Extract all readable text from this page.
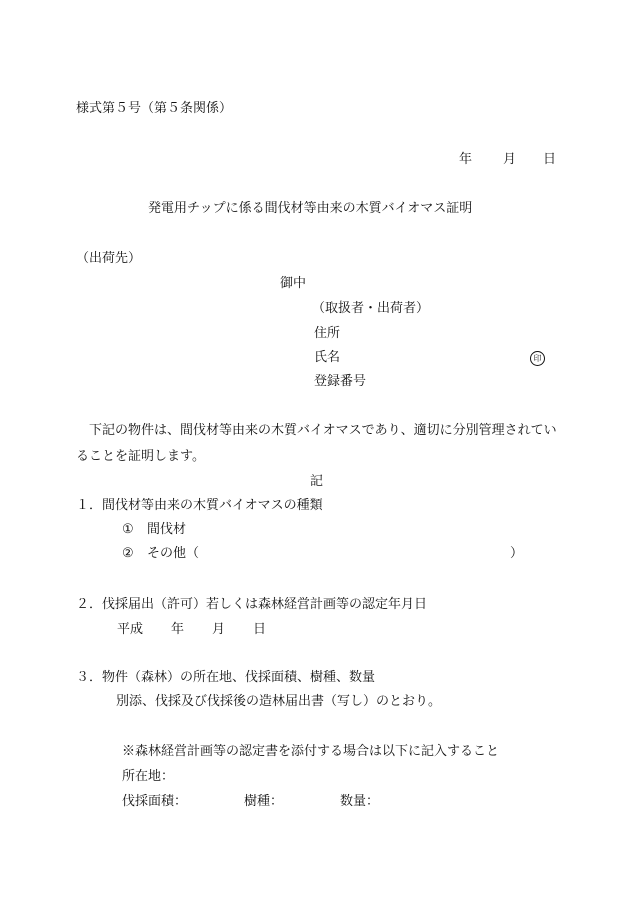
様式第５号（第５条関係）
年 月 日
発電用チップに係る間伐材等由来の木質バイオマス証明
（出荷先）
御中
（取扱者・出荷者）
住所
氏名	印
登録番号
下記の物件は、間伐材等由来の木質バイオマスであり、適切に分別管理されていることを証明します。
記
１．間伐材等由来の木質バイオマスの種類
① 間伐材
② その他（	）
２．伐採届出（許可）若しくは森林経営計画等の認定年月日
平成 年 月 日
３．物件（森林）の所在地、伐採面積、樹種、数量
別添、伐採及び伐採後の造林届出書（写し）のとおり。
※森林経営計画等の認定書を添付する場合は以下に記入すること
所在地：
伐採面積：	樹種：	数量：
